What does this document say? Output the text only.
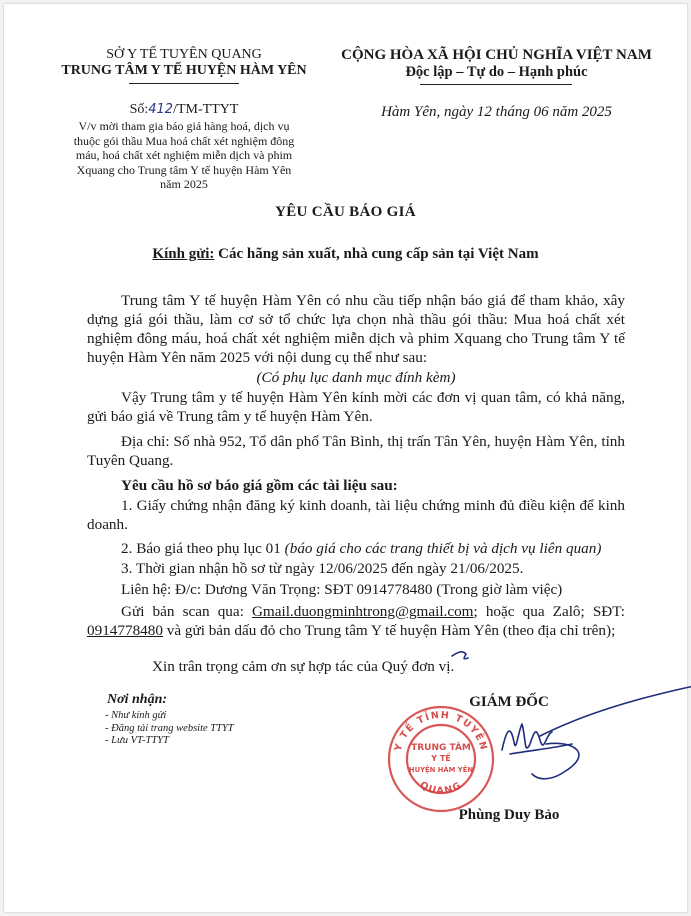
SỞ Y TẾ TUYÊN QUANG
TRUNG TÂM Y TẾ HUYỆN HÀM YÊN
Số:412/TM-TTYT
V/v mời tham gia báo giá hàng hoá, dịch vụ
thuộc gói thầu Mua hoá chất xét nghiệm đông
máu, hoá chất xét nghiệm miễn dịch và phim
Xquang cho Trung tâm Y tế huyện Hàm Yên
năm 2025
CỘNG HÒA XÃ HỘI CHỦ NGHĨA VIỆT NAM
Độc lập – Tự do – Hạnh phúc
Hàm Yên, ngày 12 tháng 06 năm 2025
YÊU CẦU BÁO GIÁ
Kính gửi: Các hãng sản xuất, nhà cung cấp sản tại Việt Nam
Trung tâm Y tế huyện Hàm Yên có nhu cầu tiếp nhận báo giá để tham khảo, xây dựng giá gói thầu, làm cơ sở tổ chức lựa chọn nhà thầu gói thầu: Mua hoá chất xét nghiệm đông máu, hoá chất xét nghiệm miễn dịch và phim Xquang cho Trung tâm Y tế huyện Hàm Yên năm 2025 với nội dung cụ thể như sau:
(Có phụ lục danh mục đính kèm)
Vậy Trung tâm y tế huyện Hàm Yên kính mời các đơn vị quan tâm, có khả năng, gửi báo giá về Trung tâm y tế huyện Hàm Yên.
Địa chỉ: Số nhà 952, Tổ dân phố Tân Bình, thị trấn Tân Yên, huyện Hàm Yên, tỉnh Tuyên Quang.
Yêu cầu hồ sơ báo giá gồm các tài liệu sau:
1. Giấy chứng nhận đăng ký kinh doanh, tài liệu chứng minh đủ điều kiện để kinh doanh.
2. Báo giá theo phụ lục 01 (báo giá cho các trang thiết bị và dịch vụ liên quan)
3. Thời gian nhận hồ sơ từ ngày 12/06/2025 đến ngày 21/06/2025.
Liên hệ: Đ/c: Dương Văn Trọng: SĐT 0914778480 (Trong giờ làm việc)
Gửi bản scan qua: Gmail.duongminhtrong@gmail.com; hoặc qua Zalô; SĐT: 0914778480 và gửi bản dấu đỏ cho Trung tâm Y tế huyện Hàm Yên (theo địa chỉ trên);
Xin trân trọng cảm ơn sự hợp tác của Quý đơn vị.
Nơi nhận:
- Như kính gửi
- Đăng tải trang website TTYT
- Lưu VT-TTYT
GIÁM ĐỐC
Y TẾ TỈNH TUYÊN
QUANG
TRUNG TÂM
Y TẾ
HUYỆN HÀM YÊN
Phùng Duy Bảo
